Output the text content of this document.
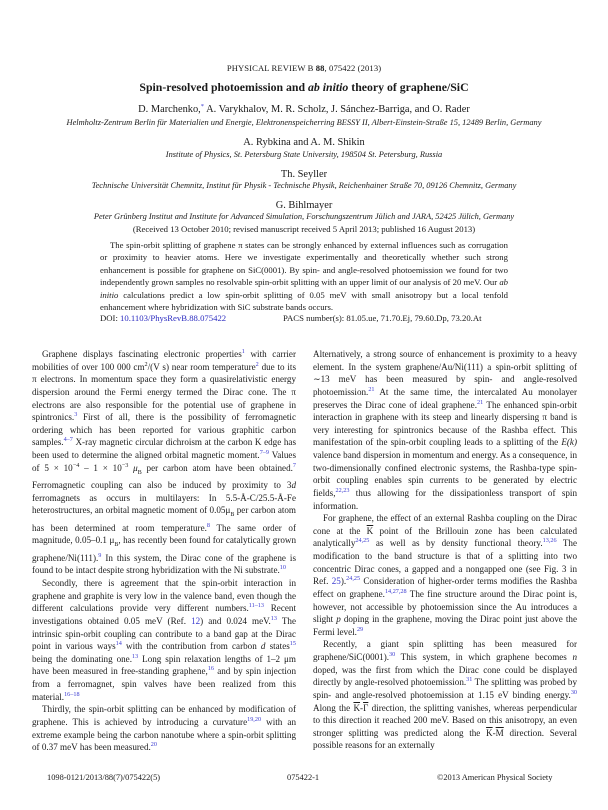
PHYSICAL REVIEW B 88, 075422 (2013)
Spin-resolved photoemission and ab initio theory of graphene/SiC
D. Marchenko,* A. Varykhalov, M. R. Scholz, J. Sánchez-Barriga, and O. Rader
Helmholtz-Zentrum Berlin für Materialien und Energie, Elektronenspeicherring BESSY II, Albert-Einstein-Straße 15, 12489 Berlin, Germany
A. Rybkina and A. M. Shikin
Institute of Physics, St. Petersburg State University, 198504 St. Petersburg, Russia
Th. Seyller
Technische Universität Chemnitz, Institut für Physik - Technische Physik, Reichenhainer Straße 70, 09126 Chemnitz, Germany
G. Bihlmayer
Peter Grünberg Institut and Institute for Advanced Simulation, Forschungszentrum Jülich and JARA, 52425 Jülich, Germany
(Received 13 October 2010; revised manuscript received 5 April 2013; published 16 August 2013)
The spin-orbit splitting of graphene π states can be strongly enhanced by external influences such as corrugation or proximity to heavier atoms. Here we investigate experimentally and theoretically whether such strong enhancement is possible for graphene on SiC(0001). By spin- and angle-resolved photoemission we found for two independently grown samples no resolvable spin-orbit splitting with an upper limit of our analysis of 20 meV. Our ab initio calculations predict a low spin-orbit splitting of 0.05 meV with small anisotropy but a local tenfold enhancement where hybridization with SiC substrate bands occurs.
DOI: 10.1103/PhysRevB.88.075422	PACS number(s): 81.05.ue, 71.70.Ej, 79.60.Dp, 73.20.At

Graphene displays fascinating electronic properties$^1$ with carrier mobilities of over 100 000 $cm^2/(V$ s) near room temperature$^2$ due to its π electrons. In momentum space they form a quasirelativistic energy dispersion around the Fermi energy termed the Dirac cone. The π electrons are also responsible for the potential use of graphene in spintronics.$^3$ First of all, there is the possibility of ferromagnetic ordering which has been reported for various graphitic carbon samples.$^{4-7}$ X-ray magnetic circular dichroism at the carbon K edge has been used to determine the aligned orbital magnetic moment.$^{7-9}$ Values of $5 \times 10^{-4} - 1 \times 10^{-3}$ $\mu_B$ per carbon atom have been obtained.$^7$ Ferromagnetic coupling can also be induced by proximity to 3d ferromagnets as occurs in multilayers: In 5.5-Å-C/25.5-Å-Fe heterostructures, an orbital magnetic moment of $0.05\mu_B$ per carbon atom has been determined at room temperature.$^8$ The same order of magnitude, 0.05–0.1 $\mu_B$, has recently been found for catalytically grown graphene/Ni(111).$^9$ In this system, the Dirac cone of the graphene is found to be intact despite strong hybridization with the Ni substrate.$^{10}$

Secondly, there is agreement that the spin-orbit interaction in graphene and graphite is very low in the valence band, even though the different calculations provide very different numbers.$^{11-13}$ Recent investigations obtained 0.05 meV (Ref. 12) and 0.024 meV.$^{13}$ The intrinsic spin-orbit coupling can contribute to a band gap at the Dirac point in various ways$^{14}$ with the contribution from carbon d states$^{15}$ being the dominating one.$^{13}$ Long spin relaxation lengths of 1–2 μm have been measured in free-standing graphene,$^{16}$ and by spin injection from a ferromagnet, spin valves have been realized from this material.$^{16-18}$

Thirdly, the spin-orbit splitting can be enhanced by modification of graphene. This is achieved by introducing a curvature$^{19,20}$ with an extreme example being the carbon nanotube where a spin-orbit splitting of 0.37 meV has been measured.$^{20}$

Alternatively, a strong source of enhancement is proximity to a heavy element. In the system graphene/Au/Ni(111) a spin-orbit splitting of ∼13 meV has been measured by spin- and angle-resolved photoemission.$^{21}$ At the same time, the intercalated Au monolayer preserves the Dirac cone of ideal graphene.$^{21}$ The enhanced spin-orbit interaction in graphene with its steep and linearly dispersing π band is very interesting for spintronics because of the Rashba effect. This manifestation of the spin-orbit coupling leads to a splitting of the E(k) valence band dispersion in momentum and energy. As a consequence, in two-dimensionally confined electronic systems, the Rashba-type spin-orbit coupling enables spin currents to be generated by electric fields,$^{22,23}$ thus allowing for the dissipationless transport of spin information.

For graphene, the effect of an external Rashba coupling on the Dirac cone at the $\overline{K}$ point of the Brillouin zone has been calculated analytically$^{24,25}$ as well as by density functional theory.$^{13,26}$ The modification to the band structure is that of a splitting into two concentric Dirac cones, a gapped and a nongapped one (see Fig. 3 in Ref. 25).$^{24,25}$ Consideration of higher-order terms modifies the Rashba effect on graphene.$^{14,27,28}$ The fine structure around the Dirac point is, however, not accessible by photoemission since the Au introduces a slight p doping in the graphene, moving the Dirac point just above the Fermi level.$^{29}$

Recently, a giant spin splitting has been measured for graphene/SiC(0001).$^{30}$ This system, in which graphene becomes n doped, was the first from which the Dirac cone could be displayed directly by angle-resolved photoemission.$^{31}$ The splitting was probed by spin- and angle-resolved photoemission at 1.15 eV binding energy.$^{30}$ Along the $\overline{K}-\overline{\Gamma}$ direction, the splitting vanishes, whereas perpendicular to this direction it reached 200 meV. Based on this anisotropy, an even stronger splitting was predicted along the $\overline{K}-\overline{M}$ direction. Several possible reasons for an externally

1098-0121/2013/88(7)/075422(5)	075422-1	©2013 American Physical Society
